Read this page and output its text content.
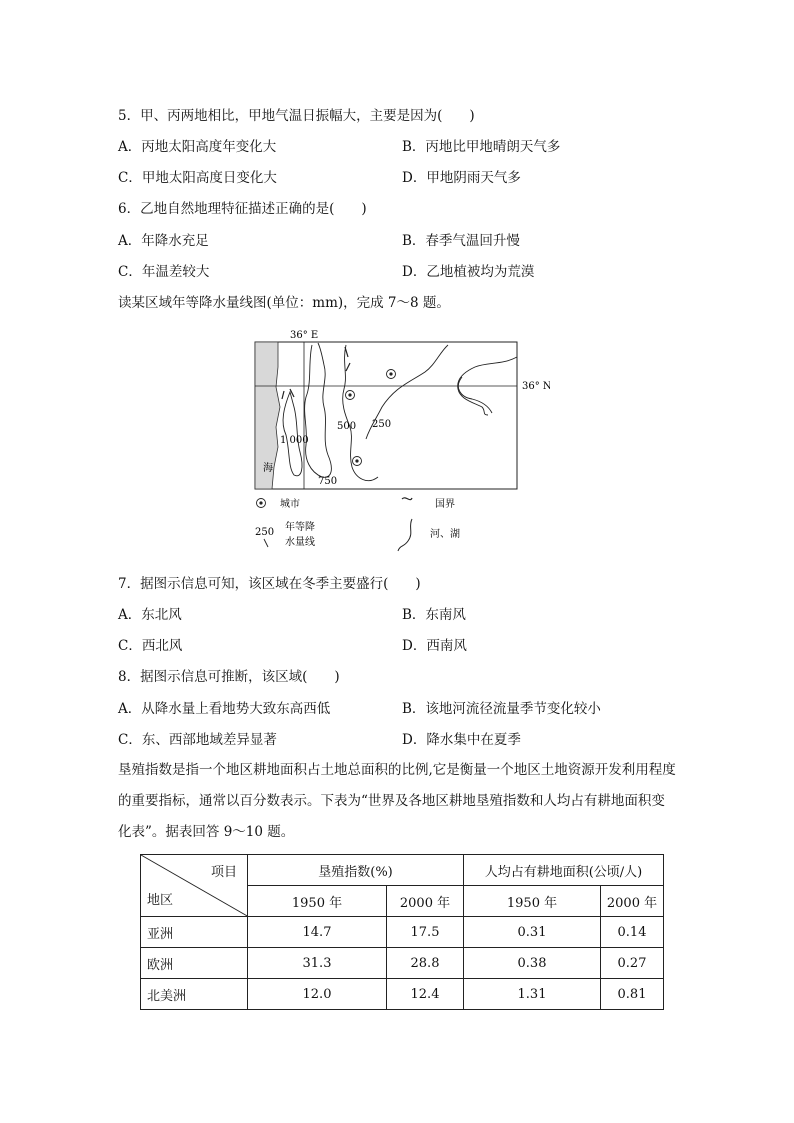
5．甲、丙两地相比，甲地气温日振幅大，主要是因为(　　)
A．丙地太阳高度年变化大	B．丙地比甲地晴朗天气多
C．甲地太阳高度日变化大	D．甲地阴雨天气多
6．乙地自然地理特征描述正确的是(　　)
A．年降水充足	B．春季气温回升慢
C．年温差较大	D．乙地植被均为荒漠
读某区域年等降水量线图(单位：mm)，完成 7～8 题。
36° E
36° N
1 000
750
500 250
海
城市	国界
250 年等降
水量线
河、湖
7．据图示信息可知，该区域在冬季主要盛行(　　)
A．东北风	B．东南风
C．西北风	D．西南风
8．据图示信息可推断，该区域(　　)
A．从降水量上看地势大致东高西低	B．该地河流径流量季节变化较小
C．东、西部地域差异显著	D．降水集中在夏季
垦殖指数是指一个地区耕地面积占土地总面积的比例,它是衡量一个地区土地资源开发利用程度的重要指标，通常以百分数表示。下表为“世界及各地区耕地垦殖指数和人均占有耕地面积变化表”。据表回答 9～10 题。
项目
地区	垦殖指数(%)		人均占有耕地面积(公顷/人)	
	1950 年	2000 年	1950 年	2000 年
亚洲	14.7	17.5	0.31	0.14
欧洲	31.3	28.8	0.38	0.27
北美洲	12.0	12.4	1.31	0.81
